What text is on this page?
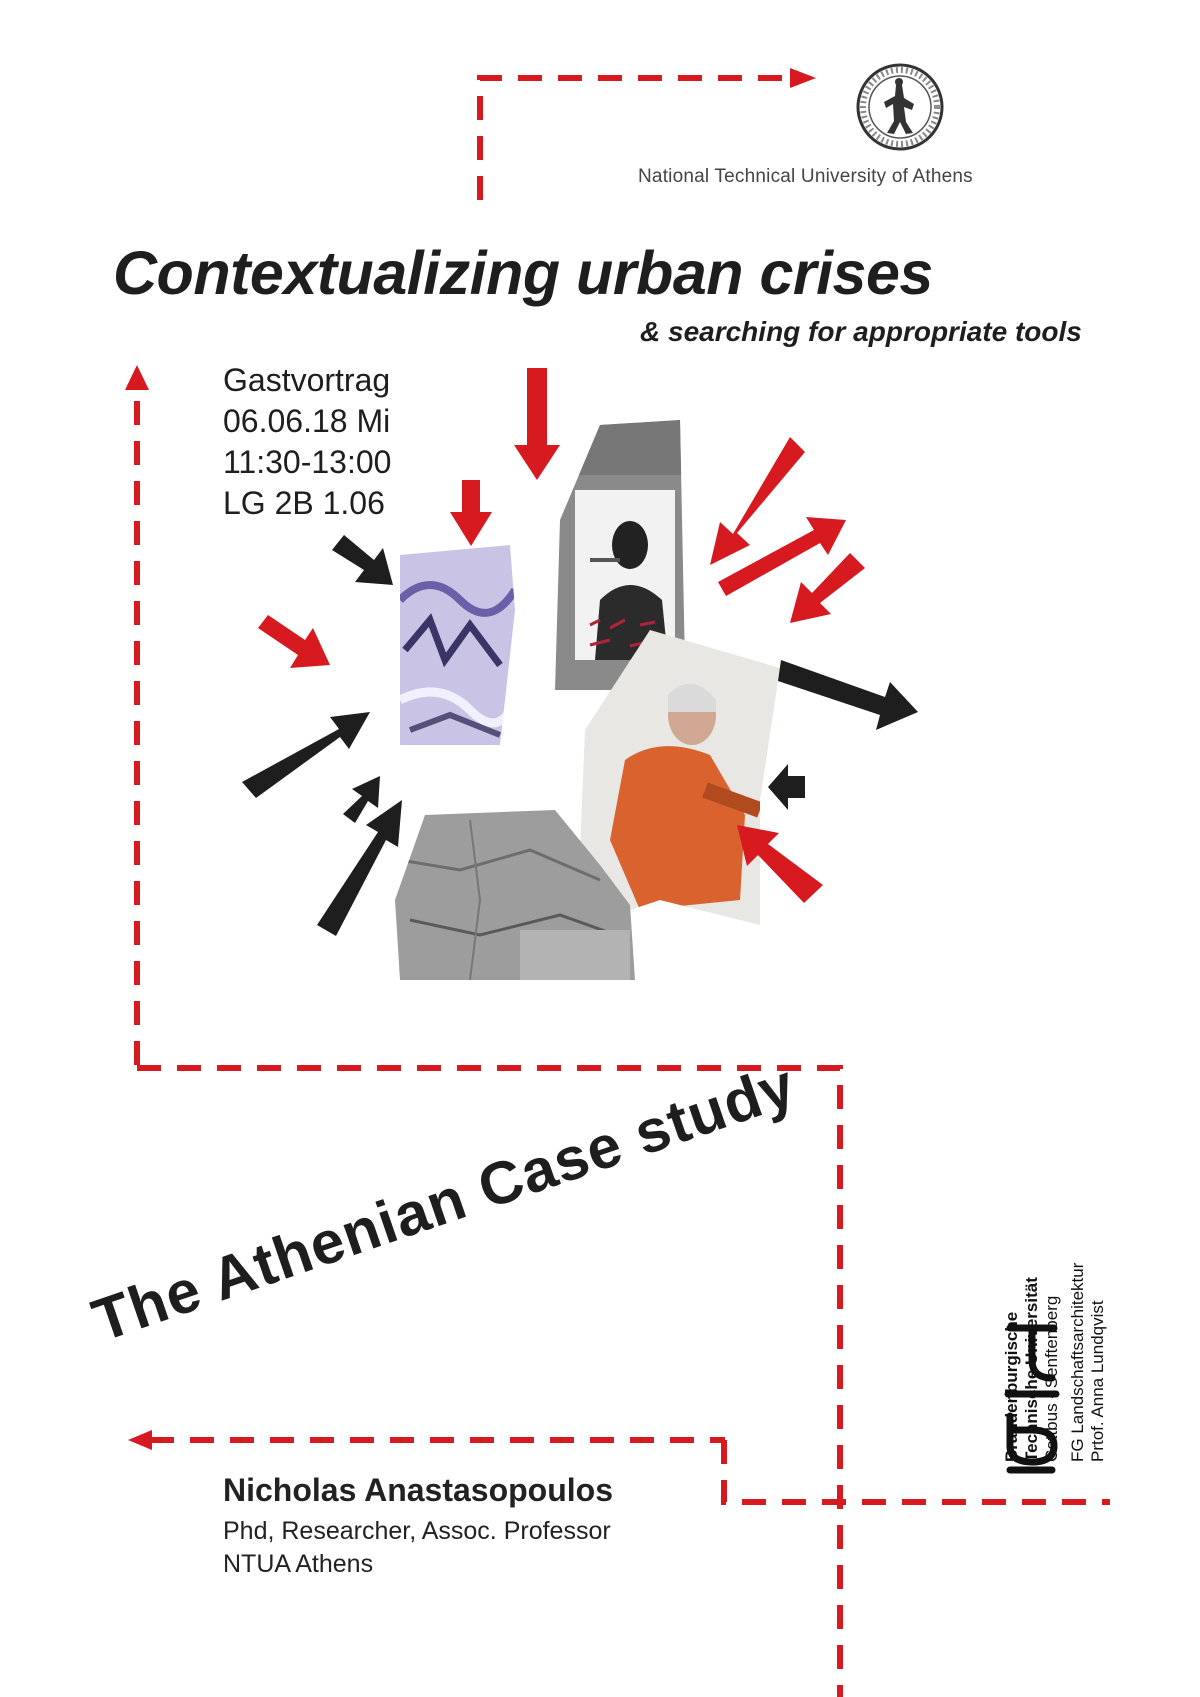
National Technical University of Athens

Contextualizing urban crises
& searching for appropriate tools
Gastvortrag
06.06.18 Mi
11:30-13:00
LG 2B 1.06
The Athenian Case study

Nicholas Anastasopoulos

Phd, Researcher, Assoc. Professor

NTUA Athens

Brandenburgische Technische Universität Cottbus - Senftenberg FG Landschaftsarchitektur Prtof. Anna Lundqvist
